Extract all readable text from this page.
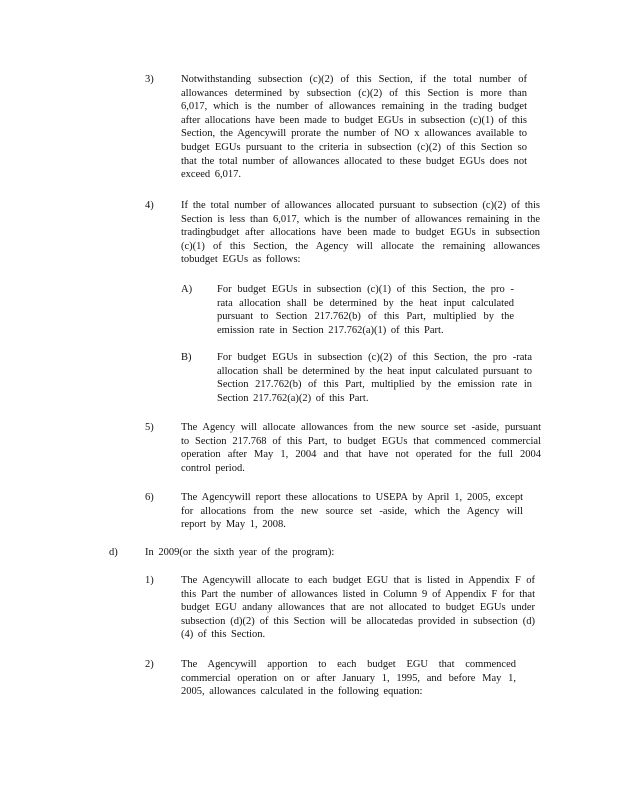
3)	Notwithstanding subsection (c)(2) of this Section, if the total number of allowances determined by subsection (c)(2) of this Section is more than 6,017, which is the number of allowances remaining in the trading budget after allocations have been made to budget EGUs in subsection (c)(1) of this Section, the Agencywill prorate the number of NO x allowances available to budget EGUs pursuant to the criteria in subsection (c)(2) of this Section so that the total number of allowances allocated to these budget EGUs does not exceed 6,017.
4)	If the total number of allowances allocated pursuant to subsection (c)(2) of this Section is less than 6,017, which is the number of allowances remaining in the tradingbudget after allocations have been made to budget EGUs in subsection (c)(1) of this Section, the Agency will allocate the remaining allowances tobudget EGUs as follows:
A) For budget EGUs in subsection (c)(1) of this Section, the pro -rata allocation shall be determined by the heat input calculated pursuant to Section 217.762(b) of this Part, multiplied by the emission rate in Section 217.762(a)(1) of this Part.
B) For budget EGUs in subsection (c)(2) of this Section, the pro -rata allocation shall be determined by the heat input calculated pursuant to Section 217.762(b) of this Part, multiplied by the emission rate in Section 217.762(a)(2) of this Part.
5)	The Agency will allocate allowances from the new source set -aside, pursuant to Section 217.768 of this Part, to budget EGUs that commenced commercial operation after May 1, 2004 and that have not operated for the full 2004 control period.
6)	The Agencywill report these allocations to USEPA by April 1, 2005, except for allocations from the new source set -aside, which the Agency will report by May 1, 2008.
d)	In 2009(or the sixth year of the program):
1)	The Agencywill allocate to each budget EGU that is listed in Appendix F of this Part the number of allowances listed in Column 9 of Appendix F for that budget EGU andany allowances that are not allocated to budget EGUs under subsection (d)(2) of this Section will be allocatedas provided in subsection (d)(4) of this Section.
2)	The Agencywill apportion to each budget EGU that commenced commercial operation on or after January 1, 1995, and before May 1, 2005, allowances calculated in the following equation:
